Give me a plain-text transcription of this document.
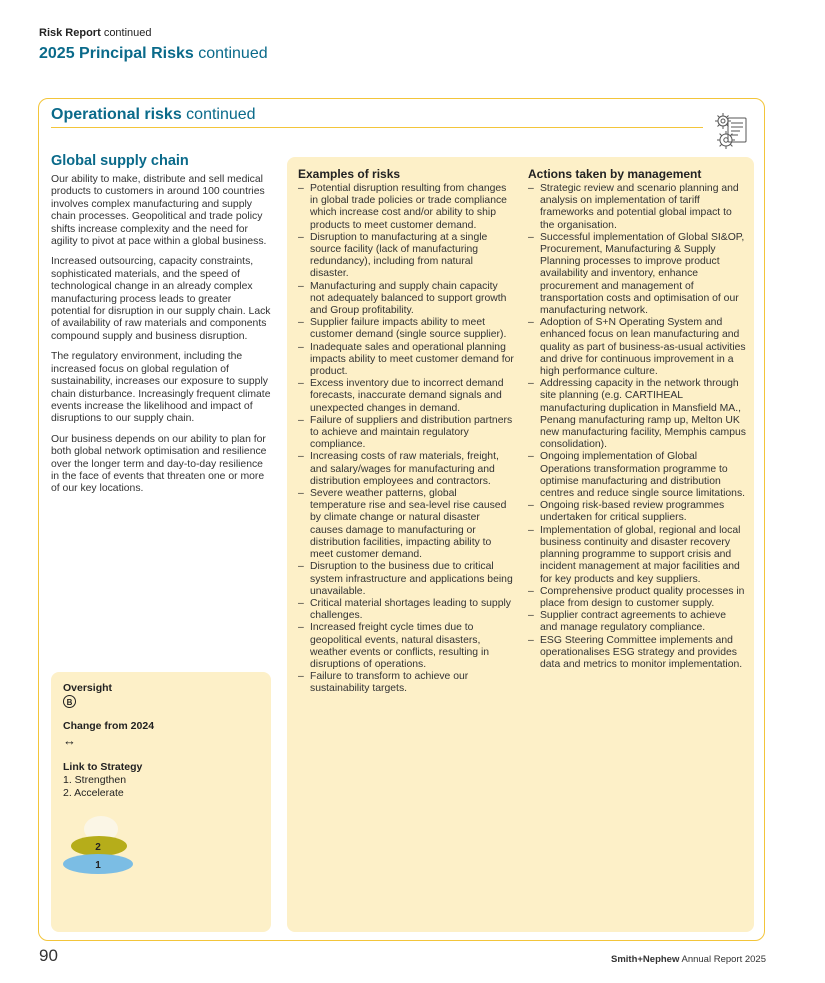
Risk Report continued
2025 Principal Risks continued
Operational risks continued
Global supply chain

Our ability to make, distribute and sell medical products to customers in around 100 countries involves complex manufacturing and supply chain processes. Geopolitical and trade policy shifts increase complexity and the need for agility to pivot at pace within a global business.

Increased outsourcing, capacity constraints, sophisticated materials, and the speed of technological change in an already complex manufacturing process leads to greater potential for disruption in our supply chain. Lack of availability of raw materials and components compound supply and business disruption.

The regulatory environment, including the increased focus on global regulation of sustainability, increases our exposure to supply chain disturbance. Increasingly frequent climate events increase the likelihood and impact of disruptions to our supply chain.

Our business depends on our ability to plan for both global network optimisation and resilience over the longer term and day-to-day resilience in the face of events that threaten one or more of our key locations.

Oversight
B
Change from 2024
↔
Link to Strategy
1. Strengthen
2. Accelerate
2
1
Examples of risks
– Potential disruption resulting from changes in global trade policies or trade compliance which increase cost and/or ability to ship products to meet customer demand.
– Disruption to manufacturing at a single source facility (lack of manufacturing redundancy), including from natural disaster.
– Manufacturing and supply chain capacity not adequately balanced to support growth and Group profitability.
– Supplier failure impacts ability to meet customer demand (single source supplier).
– Inadequate sales and operational planning impacts ability to meet customer demand for product.
– Excess inventory due to incorrect demand forecasts, inaccurate demand signals and unexpected changes in demand.
– Failure of suppliers and distribution partners to achieve and maintain regulatory compliance.
– Increasing costs of raw materials, freight, and salary/wages for manufacturing and distribution employees and contractors.
– Severe weather patterns, global temperature rise and sea-level rise caused by climate change or natural disaster causes damage to manufacturing or distribution facilities, impacting ability to meet customer demand.
– Disruption to the business due to critical system infrastructure and applications being unavailable.
– Critical material shortages leading to supply challenges.
– Increased freight cycle times due to geopolitical events, natural disasters, weather events or conflicts, resulting in disruptions of operations.
– Failure to transform to achieve our sustainability targets.
Actions taken by management
– Strategic review and scenario planning and analysis on implementation of tariff frameworks and potential global impact to the organisation.
– Successful implementation of Global SI&OP, Procurement, Manufacturing & Supply Planning processes to improve product availability and inventory, enhance procurement and management of transportation costs and optimisation of our manufacturing network.
– Adoption of S+N Operating System and enhanced focus on lean manufacturing and quality as part of business-as-usual activities and drive for continuous improvement in a high performance culture.
– Addressing capacity in the network through site planning (e.g. CARTIHEAL manufacturing duplication in Mansfield MA., Penang manufacturing ramp up, Melton UK new manufacturing facility, Memphis campus consolidation).
– Ongoing implementation of Global Operations transformation programme to optimise manufacturing and distribution centres and reduce single source limitations.
– Ongoing risk-based review programmes undertaken for critical suppliers.
– Implementation of global, regional and local business continuity and disaster recovery planning programme to support crisis and incident management at major facilities and for key products and key suppliers.
– Comprehensive product quality processes in place from design to customer supply.
– Supplier contract agreements to achieve and manage regulatory compliance.
– ESG Steering Committee implements and operationalises ESG strategy and provides data and metrics to monitor implementation.
90	Smith+Nephew Annual Report 2025
